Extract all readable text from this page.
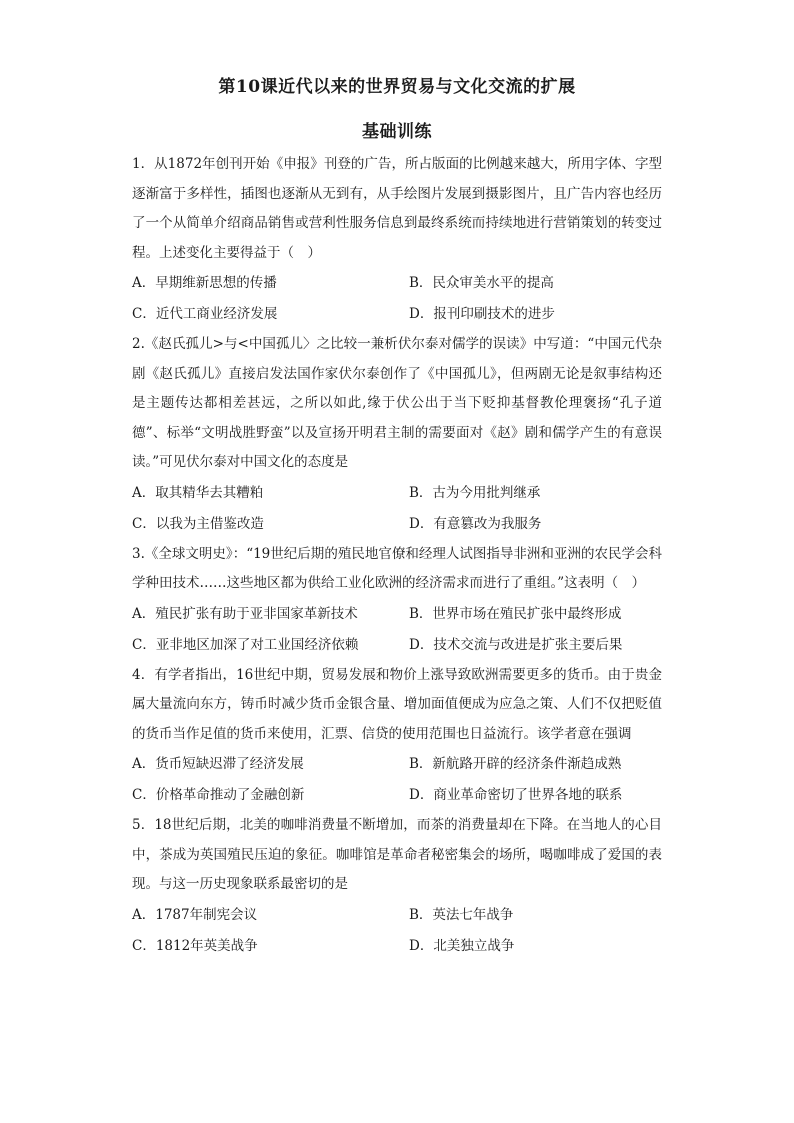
第10课近代以来的世界贸易与文化交流的扩展
基础训练

1．从1872年创刊开始《申报》刊登的广告，所占版面的比例越来越大，所用字体、字型逐渐富于多样性，插图也逐渐从无到有，从手绘图片发展到摄影图片，且广告内容也经历了一个从简单介绍商品销售或营利性服务信息到最终系统而持续地进行营销策划的转变过程。上述变化主要得益于（　）

A．早期维新思想的传播	B．民众审美水平的提高
C．近代工商业经济发展	D．报刊印刷技术的进步

2.《赵氏孤儿>与<中国孤儿〉之比较一兼析伏尔泰对儒学的误读》中写道：“中国元代杂剧《赵氏孤儿》直接启发法国作家伏尔泰创作了《中国孤儿》，但两剧无论是叙事结构还是主题传达都相差甚远，之所以如此,缘于伏公出于当下贬抑基督教伦理褒扬“孔子道德”、标举“文明战胜野蛮”以及宣扬开明君主制的需要面对《赵》剧和儒学产生的有意误读。”可见伏尔泰对中国文化的态度是

A．取其精华去其糟粕	B．古为今用批判继承
C．以我为主借鉴改造	D．有意篡改为我服务

3.《全球文明史》：“19世纪后期的殖民地官僚和经理人试图指导非洲和亚洲的农民学会科学种田技术……这些地区都为供给工业化欧洲的经济需求而进行了重组。”这表明（　）

A．殖民扩张有助于亚非国家革新技术	B．世界市场在殖民扩张中最终形成
C．亚非地区加深了对工业国经济依赖	D．技术交流与改进是扩张主要后果

4．有学者指出，16世纪中期，贸易发展和物价上涨导致欧洲需要更多的货币。由于贵金属大量流向东方，铸币时减少货币金银含量、增加面值便成为应急之策、人们不仅把贬值的货币当作足值的货币来使用，汇票、信贷的使用范围也日益流行。该学者意在强调

A．货币短缺迟滞了经济发展	B．新航路开辟的经济条件渐趋成熟
C．价格革命推动了金融创新	D．商业革命密切了世界各地的联系

5．18世纪后期，北美的咖啡消费量不断增加，而茶的消费量却在下降。在当地人的心目中，茶成为英国殖民压迫的象征。咖啡馆是革命者秘密集会的场所，喝咖啡成了爱国的表现。与这一历史现象联系最密切的是

A．1787年制宪会议	B．英法七年战争
C．1812年英美战争	D．北美独立战争
